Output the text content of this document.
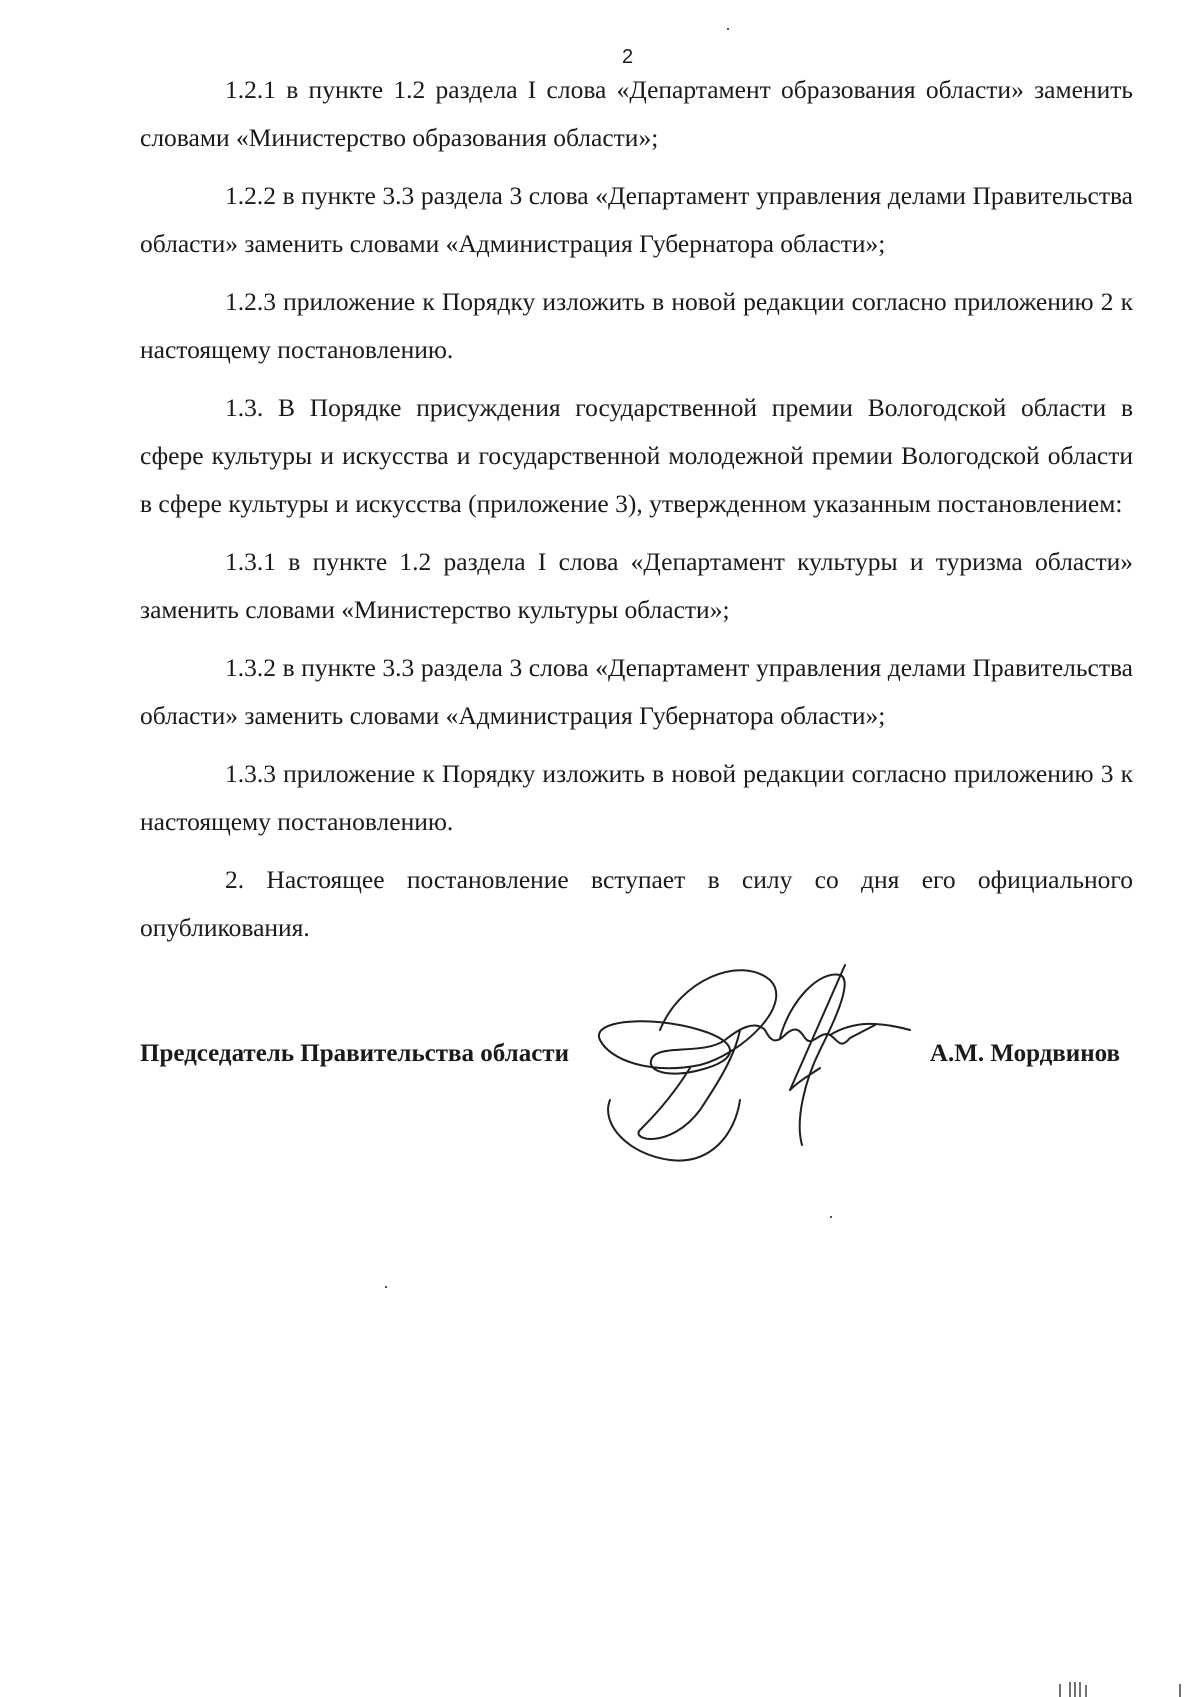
2

1.2.1 в пункте 1.2 раздела I слова «Департамент образования области» заменить словами «Министерство образования области»;

1.2.2 в пункте 3.3 раздела 3 слова «Департамент управления делами Правительства области» заменить словами «Администрация Губернатора области»;

1.2.3 приложение к Порядку изложить в новой редакции согласно приложению 2 к настоящему постановлению.

1.3. В Порядке присуждения государственной премии Вологодской области в сфере культуры и искусства и государственной молодежной премии Вологодской области в сфере культуры и искусства (приложение 3), утвержденном указанным постановлением:

1.3.1 в пункте 1.2 раздела I слова «Департамент культуры и туризма области» заменить словами «Министерство культуры области»;

1.3.2 в пункте 3.3 раздела 3 слова «Департамент управления делами Правительства области» заменить словами «Администрация Губернатора области»;

1.3.3 приложение к Порядку изложить в новой редакции согласно приложению 3 к настоящему постановлению.

2. Настоящее постановление вступает в силу со дня его официального опубликования.

Председатель Правительства области	А.М. Мордвинов
